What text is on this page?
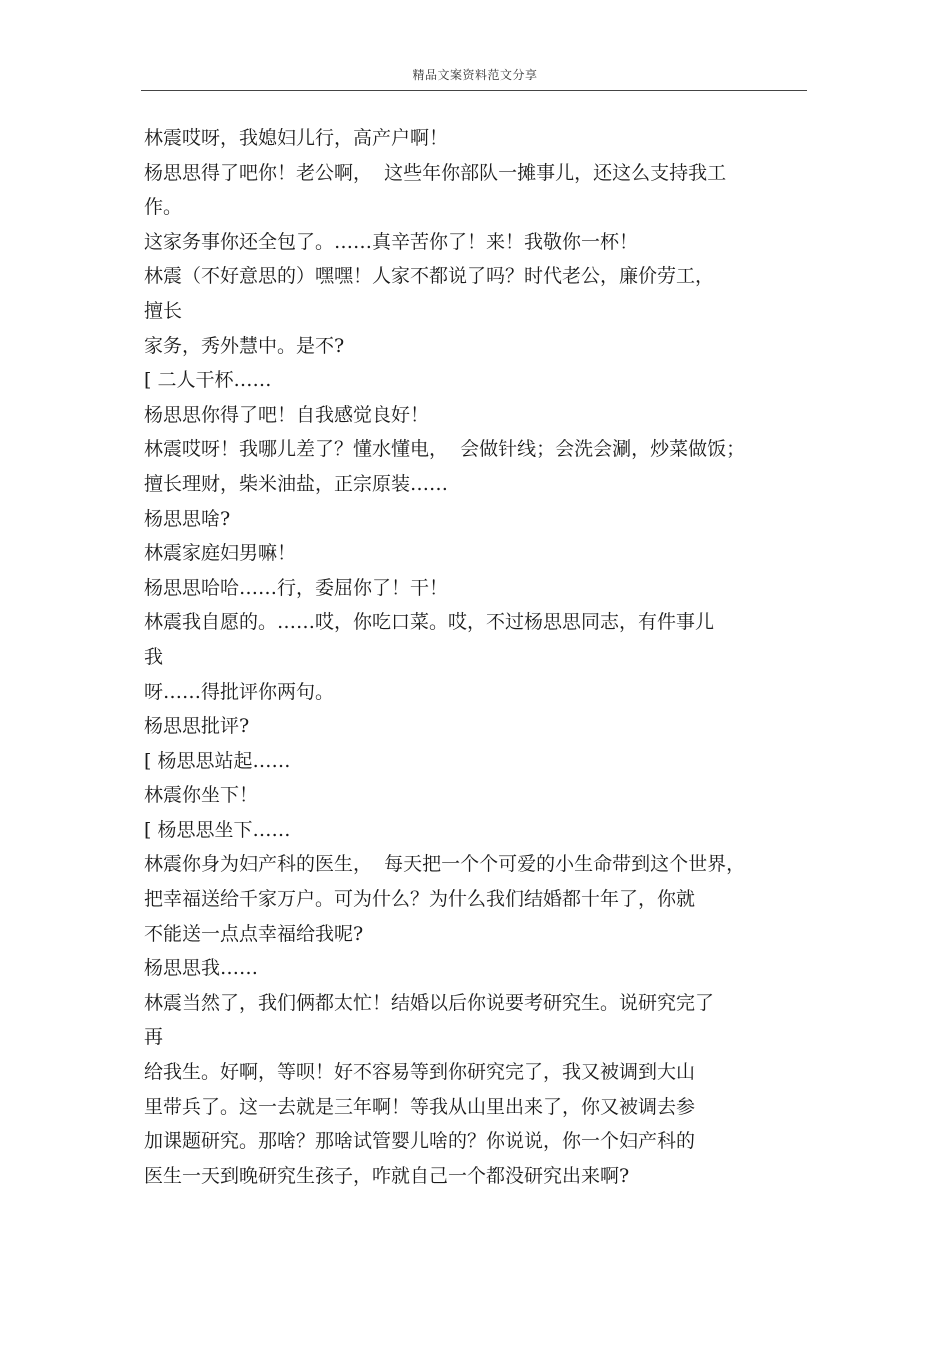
精品文案资料范文分享
林震哎呀，我媳妇儿行，高产户啊！
杨思思得了吧你！老公啊，  这些年你部队一摊事儿，还这么支持我工
作。
这家务事你还全包了。……真辛苦你了！来！我敬你一杯！
林震（不好意思的）嘿嘿！人家不都说了吗？时代老公，廉价劳工，
擅长
家务，秀外慧中。是不?
[ 二人干杯……
杨思思你得了吧！自我感觉良好！
林震哎呀！我哪儿差了？懂水懂电，  会做针线；会洗会涮，炒菜做饭；
擅长理财，柴米油盐，正宗原装……
杨思思啥?
林震家庭妇男嘛！
杨思思哈哈……行，委屈你了！干！
林震我自愿的。……哎，你吃口菜。哎，不过杨思思同志，有件事儿
我
呀……得批评你两句。
杨思思批评?
[ 杨思思站起……
林震你坐下！
[ 杨思思坐下……
林震你身为妇产科的医生，  每天把一个个可爱的小生命带到这个世界，
把幸福送给千家万户。可为什么？为什么我们结婚都十年了，你就
不能送一点点幸福给我呢?
杨思思我……
林震当然了，我们俩都太忙！结婚以后你说要考研究生。说研究完了
再
给我生。好啊，等呗！好不容易等到你研究完了，我又被调到大山
里带兵了。这一去就是三年啊！等我从山里出来了，你又被调去参
加课题研究。那啥？那啥试管婴儿啥的？你说说，你一个妇产科的
医生一天到晚研究生孩子，咋就自己一个都没研究出来啊?
